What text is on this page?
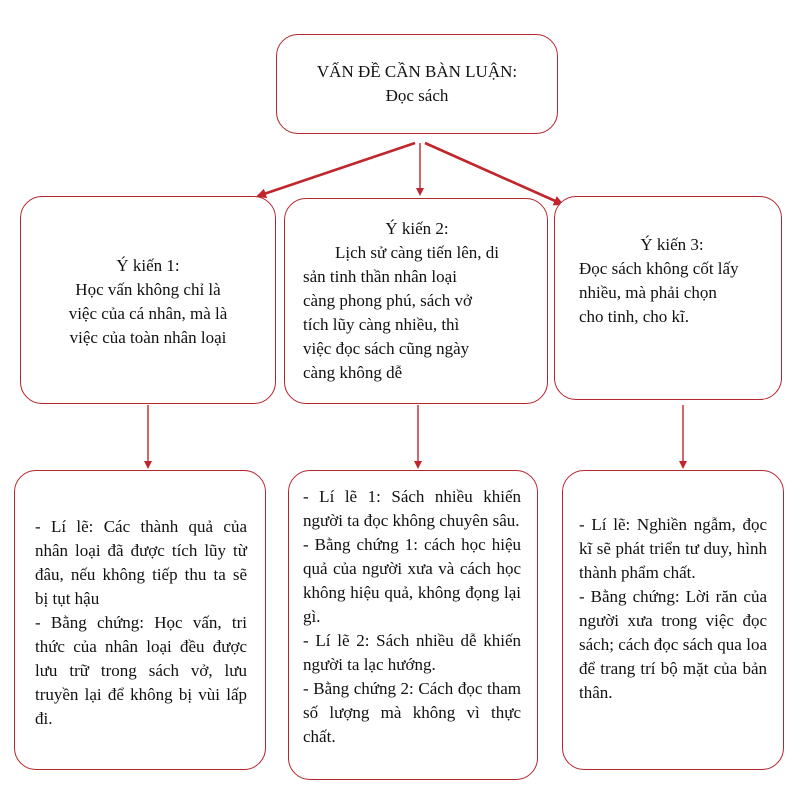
VẤN ĐỀ CẦN BÀN LUẬN:
Đọc sách
Ý kiến 1:
Học vấn không chỉ là
việc của cá nhân, mà là
việc của toàn nhân loại
Ý kiến 2:
Lịch sử càng tiến lên, di
sản tinh thần nhân loại
càng phong phú, sách vở
tích lũy càng nhiều, thì
việc đọc sách cũng ngày
càng không dễ
Ý kiến 3:
Đọc sách không cốt lấy
nhiều, mà phải chọn
cho tinh, cho kĩ.
- Lí lẽ: Các thành quả của nhân loại đã được tích lũy từ đâu, nếu không tiếp thu ta sẽ bị tụt hậu
- Bằng chứng: Học vấn, tri thức của nhân loại đều được lưu trữ trong sách vở, lưu truyền lại để không bị vùi lấp đi.
- Lí lẽ 1: Sách nhiều khiến người ta đọc không chuyên sâu.
- Bằng chứng 1: cách học hiệu quả của người xưa và cách học không hiệu quả, không đọng lại gì.
- Lí lẽ 2: Sách nhiều dễ khiến người ta lạc hướng.
- Bằng chứng 2: Cách đọc tham số lượng mà không vì thực chất.
- Lí lẽ: Nghiền ngẫm, đọc kĩ sẽ phát triển tư duy, hình thành phẩm chất.
- Bằng chứng: Lời răn của người xưa trong việc đọc sách; cách đọc sách qua loa để trang trí bộ mặt của bản thân.
